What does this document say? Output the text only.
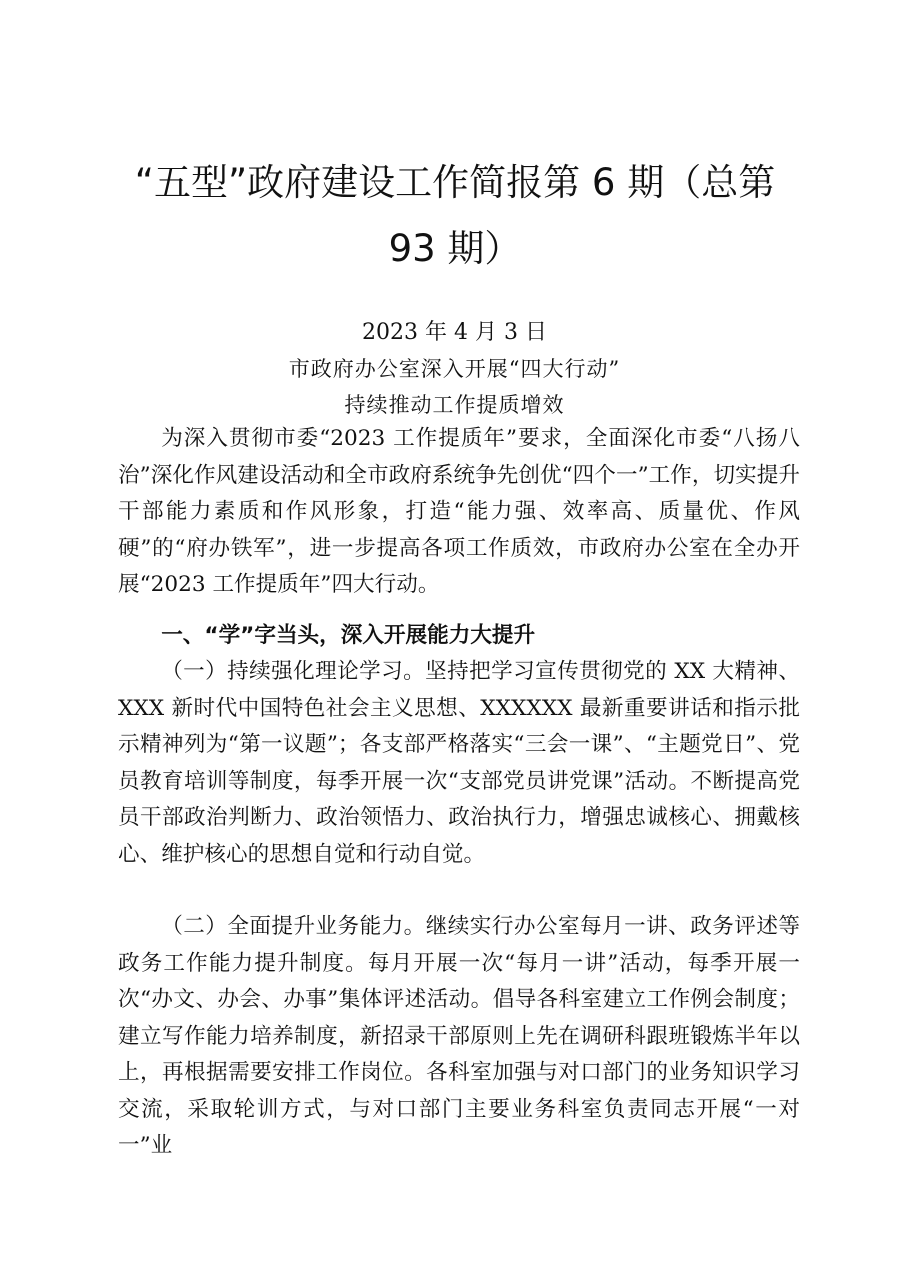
“五型”政府建设工作简报第 6 期（总第 93 期）
2023 年 4 月 3 日
市政府办公室深入开展“四大行动”
持续推动工作提质增效

为深入贯彻市委“2023 工作提质年”要求，全面深化市委“八扬八治”深化作风建设活动和全市政府系统争先创优“四个一”工作，切实提升干部能力素质和作风形象，打造“能力强、效率高、质量优、作风硬”的“府办铁军”，进一步提高各项工作质效，市政府办公室在全办开展“2023 工作提质年”四大行动。

一、“学”字当头，深入开展能力大提升

（一）持续强化理论学习。坚持把学习宣传贯彻党的 XX 大精神、XXX 新时代中国特色社会主义思想、XXXXXX 最新重要讲话和指示批示精神列为“第一议题”；各支部严格落实“三会一课”、“主题党日”、党员教育培训等制度，每季开展一次“支部党员讲党课”活动。不断提高党员干部政治判断力、政治领悟力、政治执行力，增强忠诚核心、拥戴核心、维护核心的思想自觉和行动自觉。

（二）全面提升业务能力。继续实行办公室每月一讲、政务评述等政务工作能力提升制度。每月开展一次“每月一讲”活动，每季开展一次“办文、办会、办事”集体评述活动。倡导各科室建立工作例会制度；建立写作能力培养制度，新招录干部原则上先在调研科跟班锻炼半年以上，再根据需要安排工作岗位。各科室加强与对口部门的业务知识学习交流，采取轮训方式，与对口部门主要业务科室负责同志开展“一对一”业
